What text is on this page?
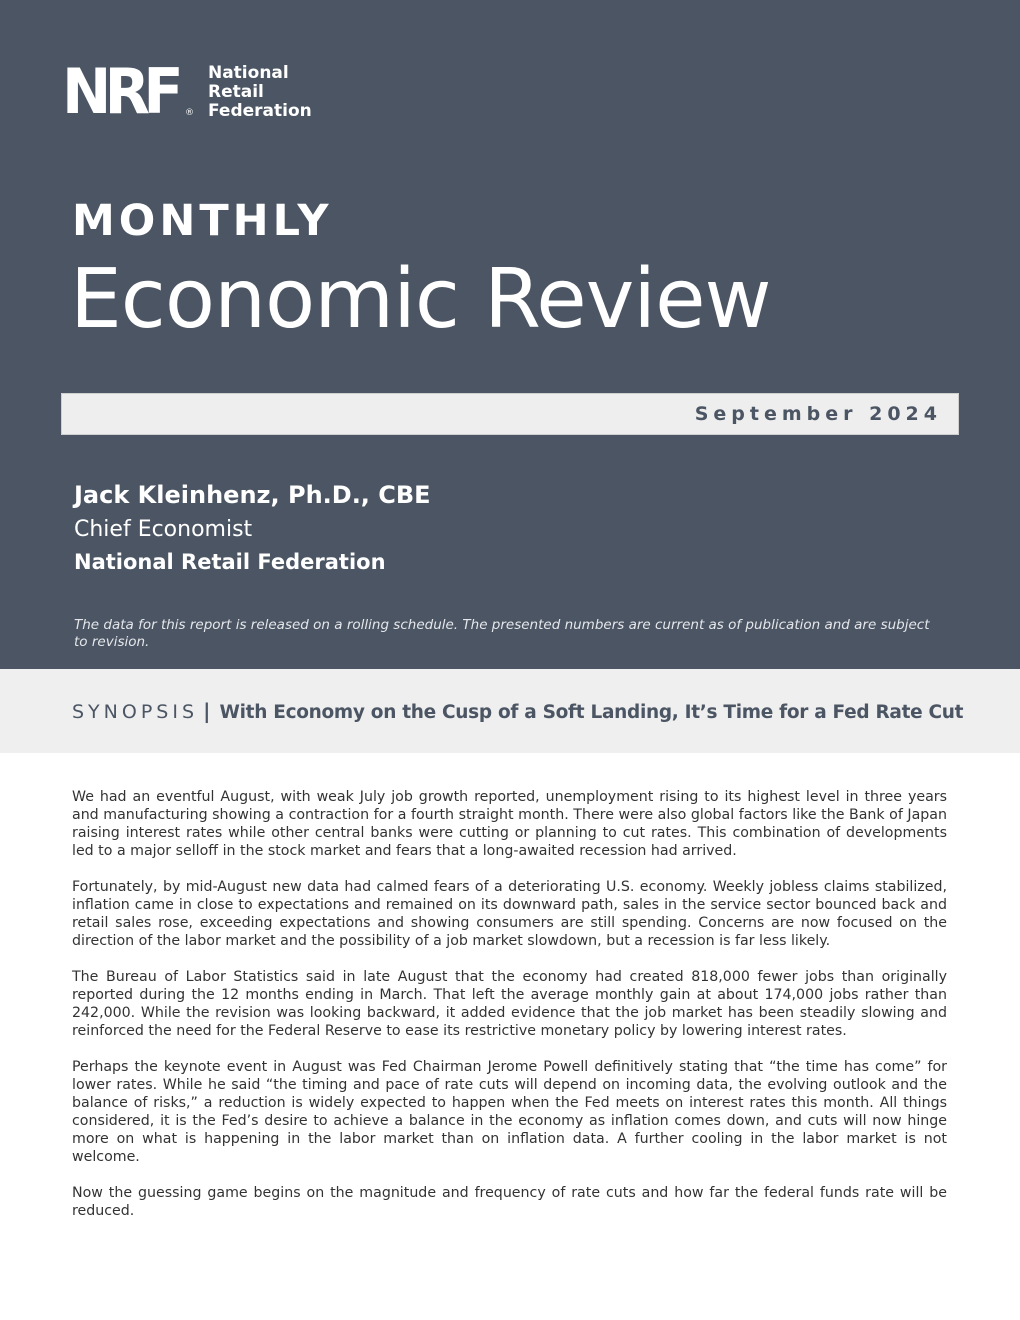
NRF ®
National
Retail
Federation
MONTHLY
Economic Review
September 2024
Jack Kleinhenz, Ph.D., CBE
Chief Economist
National Retail Federation
The data for this report is released on a rolling schedule. The presented numbers are current as of publication and are subject to revision.
SYNOPSIS | With Economy on the Cusp of a Soft Landing, It’s Time for a Fed Rate Cut

We had an eventful August, with weak July job growth reported, unemployment rising to its highest level in three years and manufacturing showing a contraction for a fourth straight month. There were also global factors like the Bank of Japan raising interest rates while other central banks were cutting or planning to cut rates. This combination of developments led to a major selloff in the stock market and fears that a long-awaited recession had arrived.

Fortunately, by mid-August new data had calmed fears of a deteriorating U.S. economy. Weekly jobless claims stabilized, inflation came in close to expectations and remained on its downward path, sales in the service sector bounced back and retail sales rose, exceeding expectations and showing consumers are still spending. Concerns are now focused on the direction of the labor market and the possibility of a job market slowdown, but a recession is far less likely.

The Bureau of Labor Statistics said in late August that the economy had created 818,000 fewer jobs than originally reported during the 12 months ending in March. That left the average monthly gain at about 174,000 jobs rather than 242,000. While the revision was looking backward, it added evidence that the job market has been steadily slowing and reinforced the need for the Federal Reserve to ease its restrictive monetary policy by lowering interest rates.

Perhaps the keynote event in August was Fed Chairman Jerome Powell definitively stating that “the time has come” for lower rates. While he said “the timing and pace of rate cuts will depend on incoming data, the evolving outlook and the balance of risks,” a reduction is widely expected to happen when the Fed meets on interest rates this month. All things considered, it is the Fed’s desire to achieve a balance in the economy as inflation comes down, and cuts will now hinge more on what is happening in the labor market than on inflation data. A further cooling in the labor market is not welcome.

Now the guessing game begins on the magnitude and frequency of rate cuts and how far the federal funds rate will be reduced.
